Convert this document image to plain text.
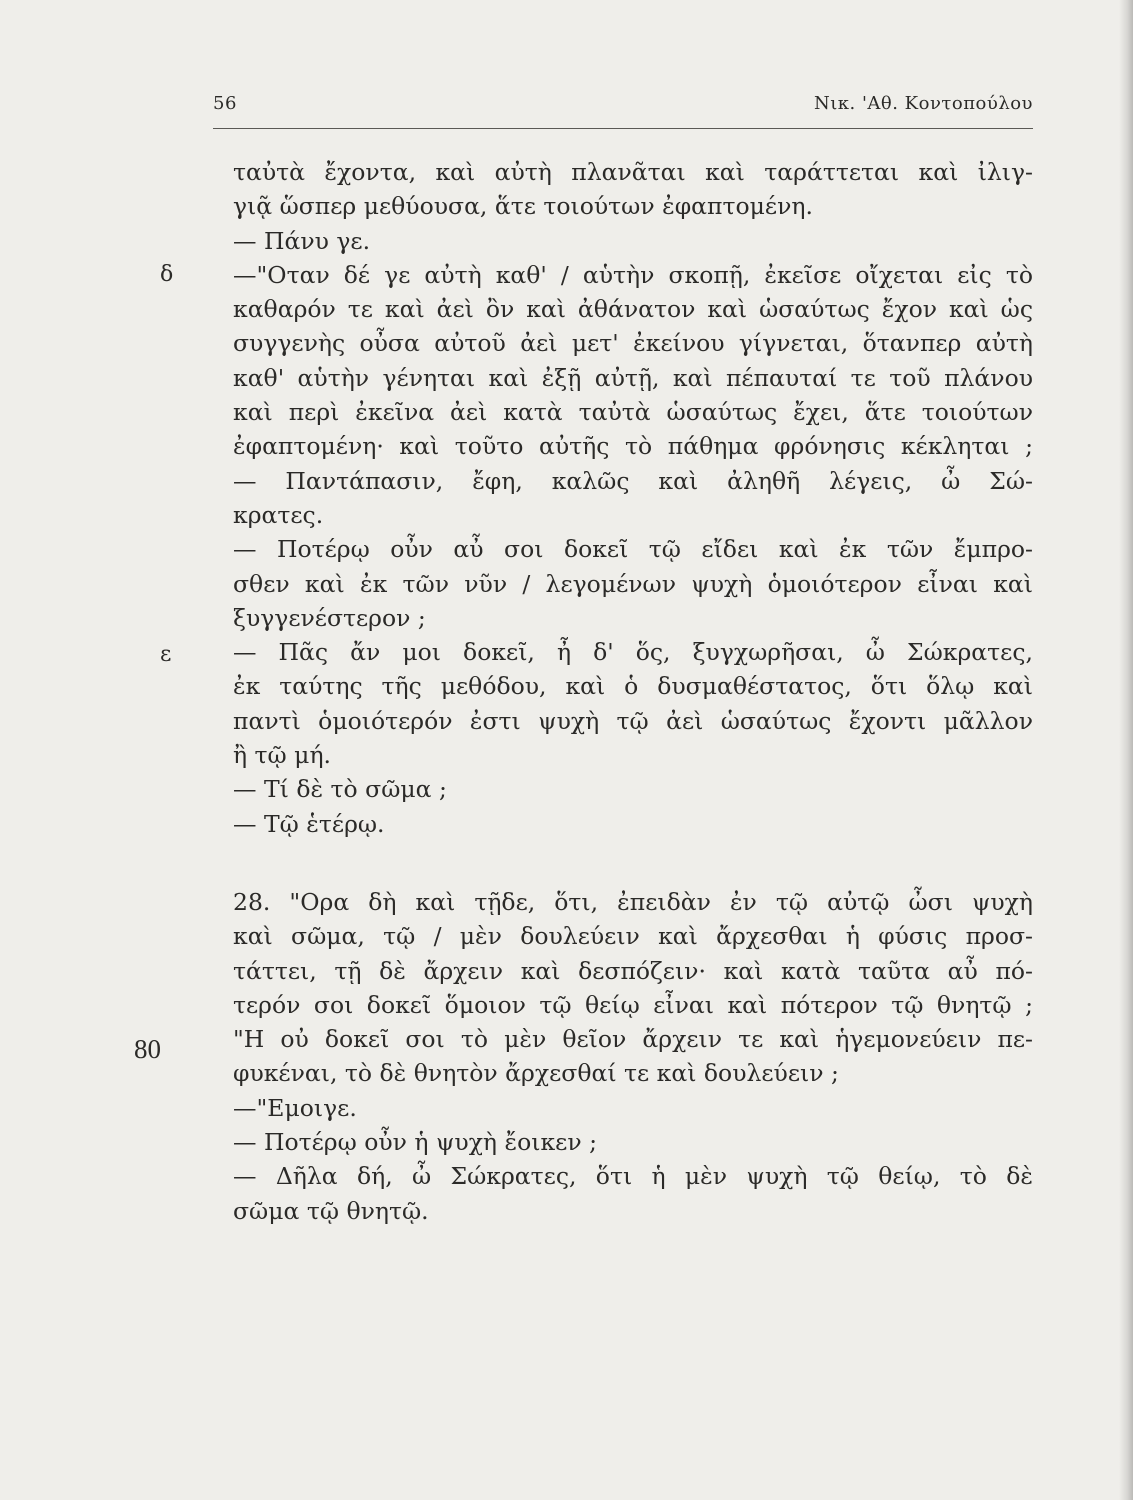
56	Νικ. 'Αθ. Κοντοπούλου
δ
ε
80
ταὐτὰ ἔχοντα, καὶ αὐτὴ πλανᾶται καὶ ταράττεται καὶ ἰλιγ-
γιᾷ ὥσπερ μεθύουσα, ἅτε τοιούτων ἐφαπτομένη.
— Πάνυ γε.
—"Οταν δέ γε αὐτὴ καθ' / αὑτὴν σκοπῇ, ἐκεῖσε οἴχεται εἰς τὸ
καθαρόν τε καὶ ἀεὶ ὂν καὶ ἀθάνατον καὶ ὡσαύτως ἔχον καὶ ὡς
συγγενὴς οὖσα αὐτοῦ ἀεὶ μετ' ἐκείνου γίγνεται, ὅτανπερ αὐτὴ
καθ' αὑτὴν γένηται καὶ ἐξῇ αὐτῇ, καὶ πέπαυταί τε τοῦ πλάνου
καὶ περὶ ἐκεῖνα ἀεὶ κατὰ ταὐτὰ ὡσαύτως ἔχει, ἅτε τοιούτων
ἐφαπτομένη· καὶ τοῦτο αὐτῆς τὸ πάθημα φρόνησις κέκληται ;
— Παντάπασιν, ἔφη, καλῶς καὶ ἀληθῆ λέγεις, ὦ Σώ-
κρατες.
— Ποτέρῳ οὖν αὖ σοι δοκεῖ τῷ εἴδει καὶ ἐκ τῶν ἔμπρο-
σθεν καὶ ἐκ τῶν νῦν / λεγομένων ψυχὴ ὁμοιότερον εἶναι καὶ
ξυγγενέστερον ;
— Πᾶς ἄν μοι δοκεῖ, ἦ δ' ὅς, ξυγχωρῆσαι, ὦ Σώκρατες,
ἐκ ταύτης τῆς μεθόδου, καὶ ὁ δυσμαθέστατος, ὅτι ὅλῳ καὶ
παντὶ ὁμοιότερόν ἐστι ψυχὴ τῷ ἀεὶ ὡσαύτως ἔχοντι μᾶλλον
ἢ τῷ μή.
— Τί δὲ τὸ σῶμα ;
— Τῷ ἑτέρῳ.
28. "Ορα δὴ καὶ τῇδε, ὅτι, ἐπειδὰν ἐν τῷ αὐτῷ ὦσι ψυχὴ
καὶ σῶμα, τῷ / μὲν δουλεύειν καὶ ἄρχεσθαι ἡ φύσις προσ-
τάττει, τῇ δὲ ἄρχειν καὶ δεσπόζειν· καὶ κατὰ ταῦτα αὖ πό-
τερόν σοι δοκεῖ ὅμοιον τῷ θείῳ εἶναι καὶ πότερον τῷ θνητῷ ;
"Η οὐ δοκεῖ σοι τὸ μὲν θεῖον ἄρχειν τε καὶ ἡγεμονεύειν πε-
φυκέναι, τὸ δὲ θνητὸν ἄρχεσθαί τε καὶ δουλεύειν ;
—"Εμοιγε.
— Ποτέρῳ οὖν ἡ ψυχὴ ἔοικεν ;
— Δῆλα δή, ὦ Σώκρατες, ὅτι ἡ μὲν ψυχὴ τῷ θείῳ, τὸ δὲ
σῶμα τῷ θνητῷ.
